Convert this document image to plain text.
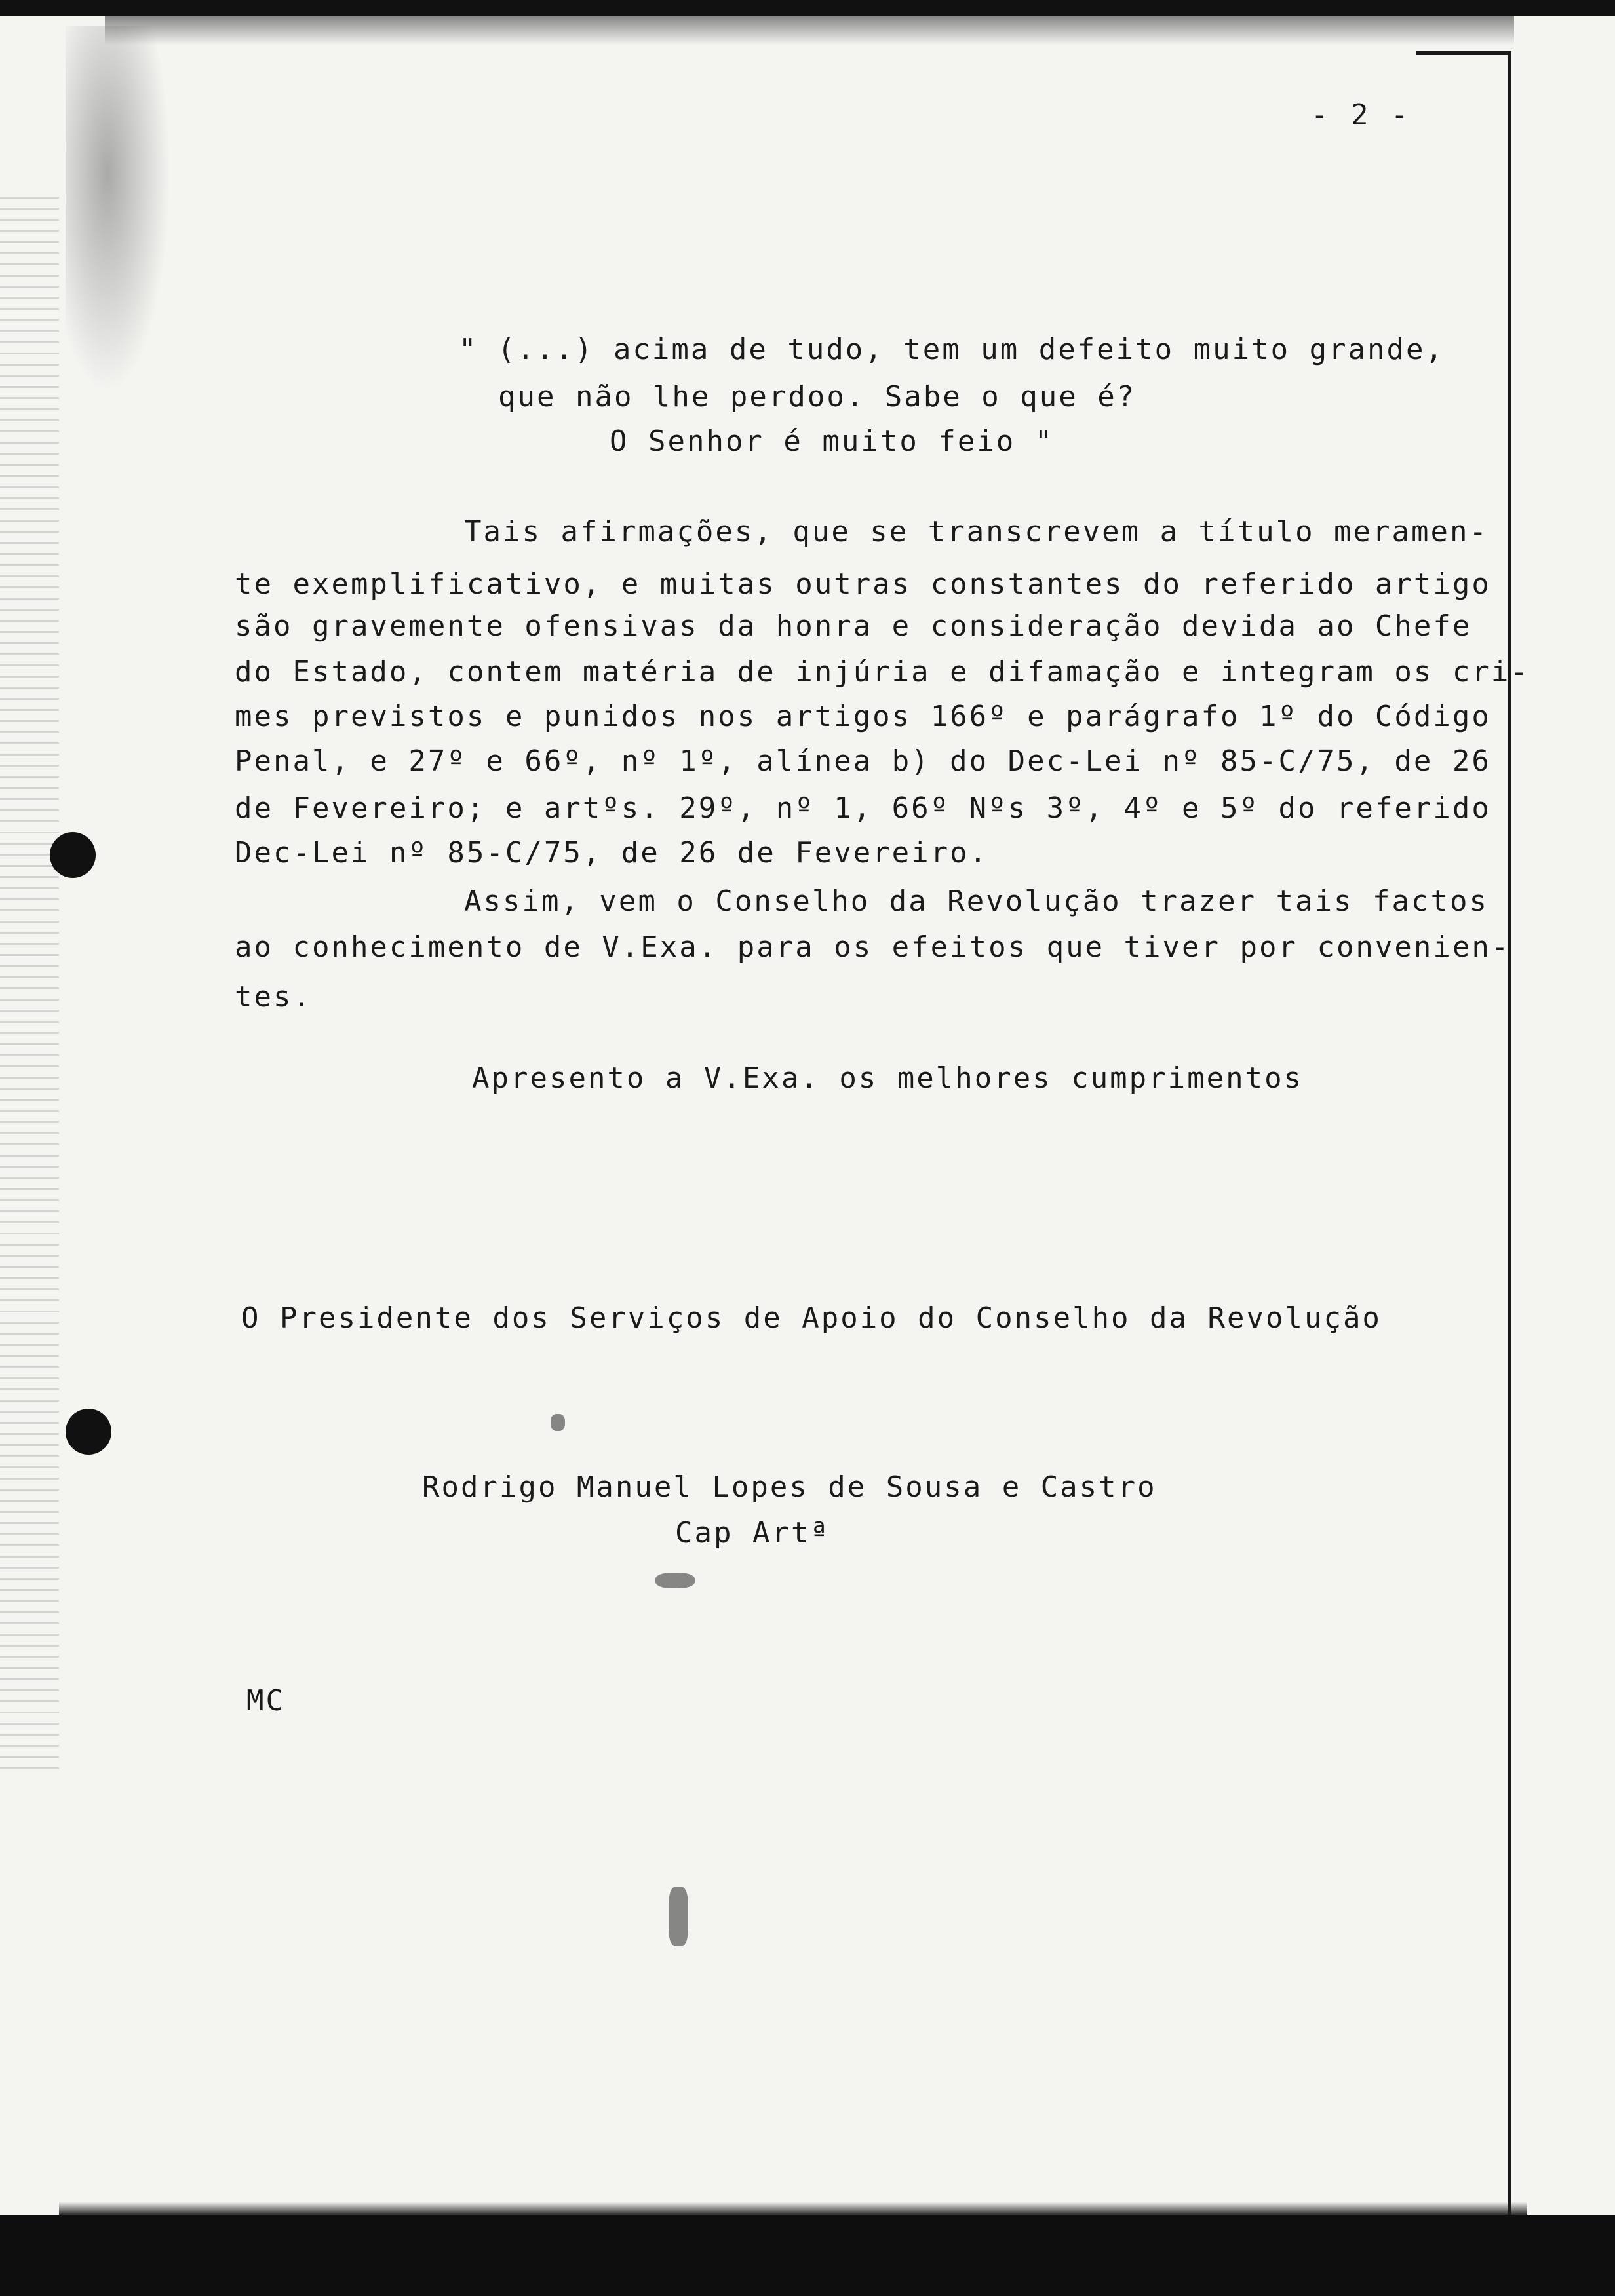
- 2 -
" (...) acima de tudo, tem um defeito muito grande,
que não lhe perdoo. Sabe o que é?
O Senhor é muito feio "
Tais afirmações, que se transcrevem a título meramen-
te exemplificativo, e muitas outras constantes do referido artigo
são gravemente ofensivas da honra e consideração devida ao Chefe
do Estado, contem matéria de injúria e difamação e integram os cri-
mes previstos e punidos nos artigos 166º e parágrafo 1º do Código
Penal, e 27º e 66º, nº 1º, alínea b) do Dec-Lei nº 85-C/75, de 26
de Fevereiro; e artºs. 29º, nº 1, 66º Nºs 3º, 4º e 5º do referido
Dec-Lei nº 85-C/75, de 26 de Fevereiro.
Assim, vem o Conselho da Revolução trazer tais factos
ao conhecimento de V.Exa. para os efeitos que tiver por convenien-
tes.
Apresento a V.Exa. os melhores cumprimentos
O Presidente dos Serviços de Apoio do Conselho da Revolução
Rodrigo Manuel Lopes de Sousa e Castro
Cap Artª
MC
